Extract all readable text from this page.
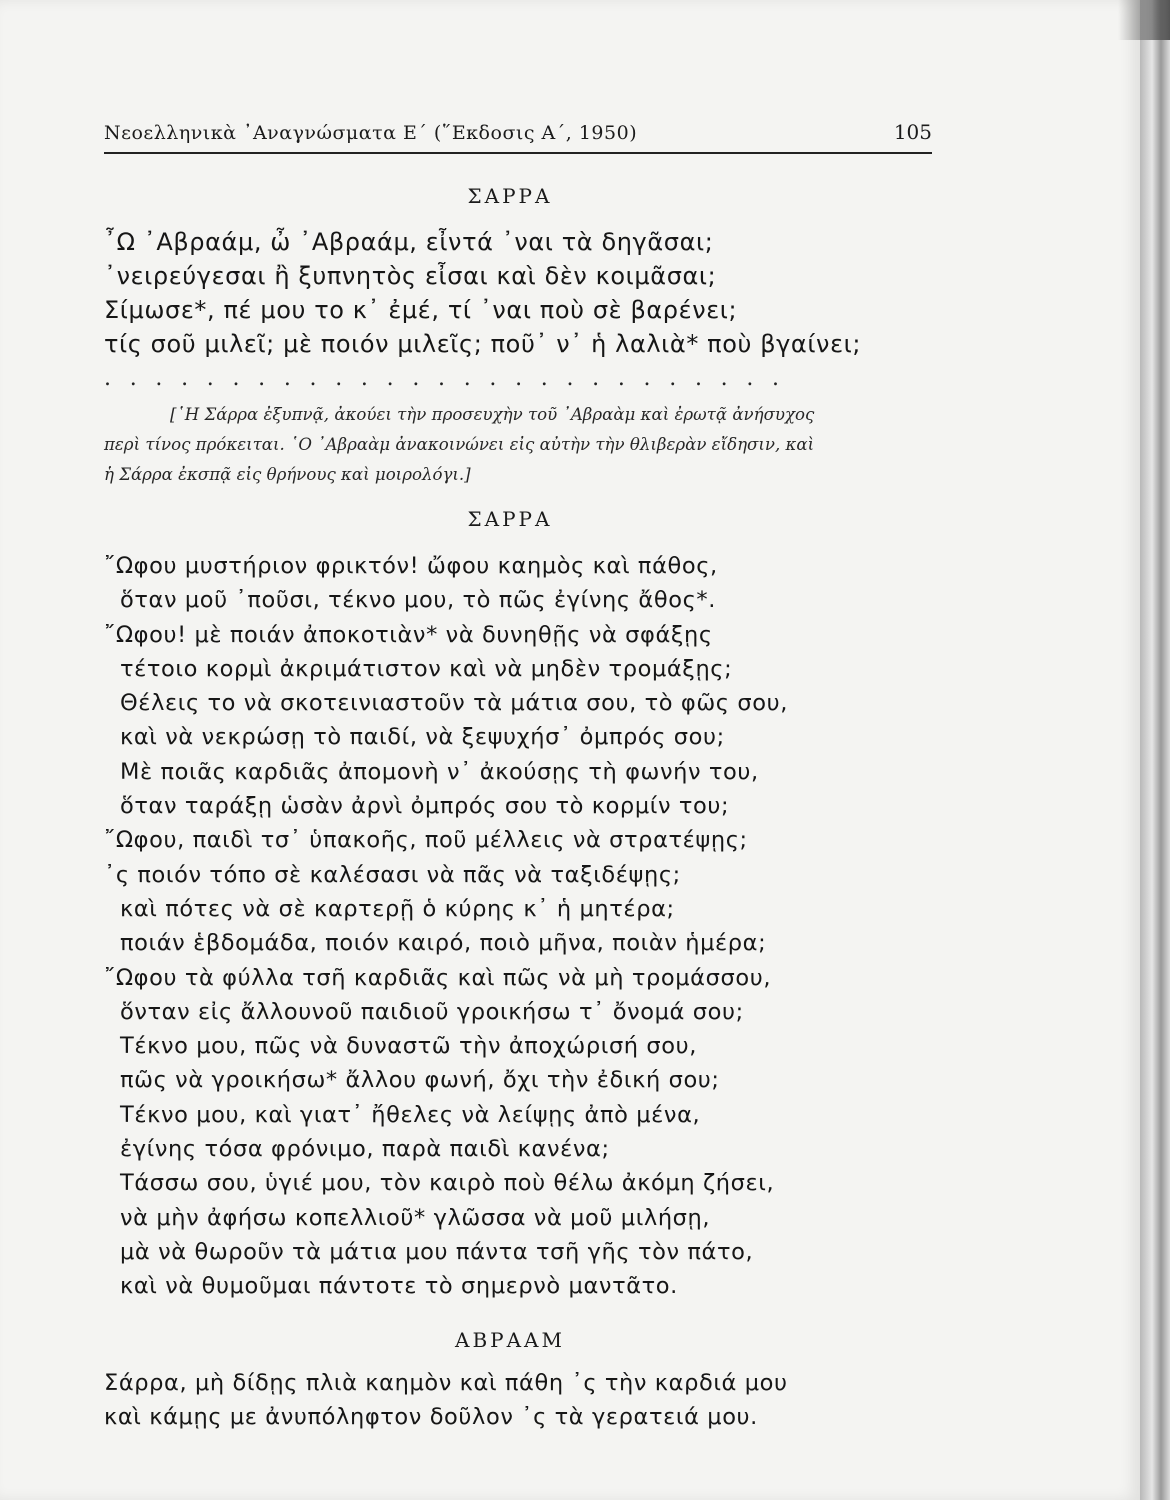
Νεοελληνικὰ ᾽Αναγνώσματα Ε΄ (῞Εκδοσις Α΄, 1950)	105
ΣΑΡΡΑ
῏Ω ᾽Αβραάμ, ὦ ᾽Αβραάμ, εἶντά ᾽ναι τὰ δηγᾶσαι;
᾽νειρεύγεσαι ἢ ξυπνητὸς εἶσαι καὶ δὲν κοιμᾶσαι;
Σίμωσε*, πέ μου το κ᾽ ἐμέ, τί ᾽ναι ποὺ σὲ βαρένει;
τίς σοῦ μιλεῖ; μὲ ποιόν μιλεῖς; ποῦ᾽ ν᾽ ἡ λαλιὰ* ποὺ βγαίνει;
...........................
[῾Η Σάρρα ἐξυπνᾷ, ἀκούει τὴν προσευχὴν τοῦ ᾽Αβραὰμ καὶ ἐρωτᾷ ἀνήσυχος
περὶ τίνος πρόκειται. ῾Ο ᾽Αβραὰμ ἀνακοινώνει εἰς αὐτὴν τὴν θλιβερὰν εἴδησιν, καὶ
ἡ Σάρρα ἐκσπᾷ εἰς θρήνους καὶ μοιρολόγι.]
ΣΑΡΡΑ
῎Ωφου μυστήριον φρικτόν! ὤφου καημὸς καὶ πάθος,
ὅταν μοῦ ᾽ποῦσι, τέκνο μου, τὸ πῶς ἐγίνης ἄθος*.
῎Ωφου! μὲ ποιάν ἀποκοτιὰν* νὰ δυνηθῇς νὰ σφάξῃς
τέτοιο κορμὶ ἀκριμάτιστον καὶ νὰ μηδὲν τρομάξῃς;
Θέλεις το νὰ σκοτεινιαστοῦν τὰ μάτια σου, τὸ φῶς σου,
καὶ νὰ νεκρώσῃ τὸ παιδί, νὰ ξεψυχήσ᾽ ὀμπρός σου;
Μὲ ποιᾶς καρδιᾶς ἀπομονὴ ν᾽ ἀκούσῃς τὴ φωνήν του,
ὅταν ταράξῃ ὡσὰν ἀρνὶ ὀμπρός σου τὸ κορμίν του;
῎Ωφου, παιδὶ τσ᾽ ὑπακοῆς, ποῦ μέλλεις νὰ στρατέψῃς;
᾽ς ποιόν τόπο σὲ καλέσασι νὰ πᾶς νὰ ταξιδέψῃς;
καὶ πότες νὰ σὲ καρτερῇ ὁ κύρης κ᾽ ἡ μητέρα;
ποιάν ἑβδομάδα, ποιόν καιρό, ποιὸ μῆνα, ποιὰν ἡμέρα;
῎Ωφου τὰ φύλλα τσῆ καρδιᾶς καὶ πῶς νὰ μὴ τρομάσσου,
ὅνταν εἰς ἄλλουνοῦ παιδιοῦ γροικήσω τ᾽ ὄνομά σου;
Τέκνο μου, πῶς νὰ δυναστῶ τὴν ἀποχώρισή σου,
πῶς νὰ γροικήσω* ἄλλου φωνή, ὄχι τὴν ἐδική σου;
Τέκνο μου, καὶ γιατ᾽ ἤθελες νὰ λείψῃς ἀπὸ μένα,
ἐγίνης τόσα φρόνιμο, παρὰ παιδὶ κανένα;
Τάσσω σου, ὑγιέ μου, τὸν καιρὸ ποὺ θέλω ἀκόμη ζήσει,
νὰ μὴν ἀφήσω κοπελλιοῦ* γλῶσσα νὰ μοῦ μιλήσῃ,
μὰ νὰ θωροῦν τὰ μάτια μου πάντα τσῆ γῆς τὸν πάτο,
καὶ νὰ θυμοῦμαι πάντοτε τὸ σημερνὸ μαντᾶτο.
ΑΒΡΑΑΜ
Σάρρα, μὴ δίδῃς πλιὰ καημὸν καὶ πάθη ᾽ς τὴν καρδιά μου
καὶ κάμῃς με ἀνυπόληφτον δοῦλον ᾽ς τὰ γερατειά μου.
